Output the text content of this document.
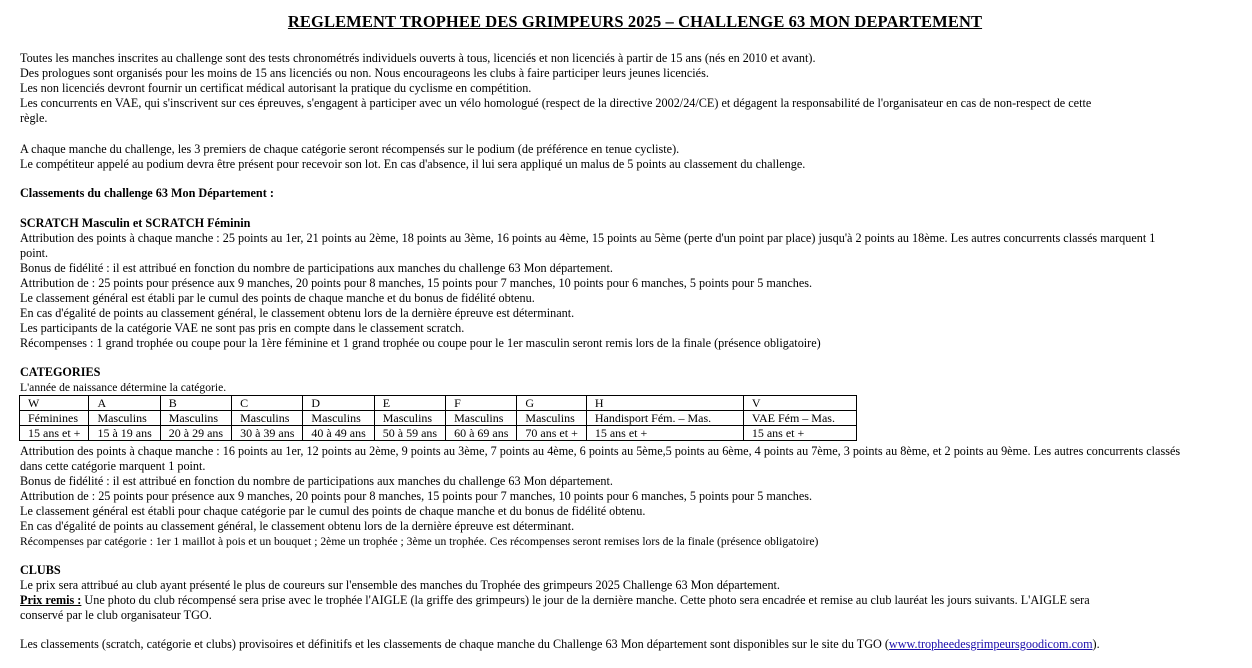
REGLEMENT TROPHEE DES GRIMPEURS 2025 – CHALLENGE 63 MON DEPARTEMENT
Toutes les manches inscrites au challenge sont des tests chronométrés individuels ouverts à tous, licenciés et non licenciés à partir de 15 ans (nés en 2010 et avant).
Des prologues sont organisés pour les moins de 15 ans licenciés ou non. Nous encourageons les clubs à faire participer leurs jeunes licenciés.
Les non licenciés devront fournir un certificat médical autorisant la pratique du cyclisme en compétition.
Les concurrents en VAE, qui s'inscrivent sur ces épreuves, s'engagent à participer avec un vélo homologué (respect de la directive 2002/24/CE) et dégagent la responsabilité de l'organisateur en cas de non-respect de cette
règle.
A chaque manche du challenge, les 3 premiers de chaque catégorie seront récompensés sur le podium (de préférence en tenue cycliste).
Le compétiteur appelé au podium devra être présent pour recevoir son lot. En cas d'absence, il lui sera appliqué un malus de 5 points au classement du challenge.
Classements du challenge 63 Mon Département :
SCRATCH Masculin et SCRATCH Féminin
Attribution des points à chaque manche : 25 points au 1er, 21 points au 2ème, 18 points au 3ème, 16 points au 4ème, 15 points au 5ème (perte d'un point par place) jusqu'à 2 points au 18ème. Les autres concurrents classés marquent 1
point.
Bonus de fidélité : il est attribué en fonction du nombre de participations aux manches du challenge 63 Mon département.
Attribution de : 25 points pour présence aux 9 manches, 20 points pour 8 manches, 15 points pour 7 manches, 10 points pour 6 manches, 5 points pour 5 manches.
Le classement général est établi par le cumul des points de chaque manche et du bonus de fidélité obtenu.
En cas d'égalité de points au classement général, le classement obtenu lors de la dernière épreuve est déterminant.
Les participants de la catégorie VAE ne sont pas pris en compte dans le classement scratch.
Récompenses : 1 grand trophée ou coupe pour la 1ère féminine et 1 grand trophée ou coupe pour le 1er masculin seront remis lors de la finale (présence obligatoire)
CATEGORIES
L'année de naissance détermine la catégorie.
W	A	B	C	D	E	F	G	H	V
Féminines	Masculins	Masculins	Masculins	Masculins	Masculins	Masculins	Masculins	Handisport Fém. – Mas.	VAE Fém – Mas.
15 ans et +	15 à 19 ans	20 à 29 ans	30 à 39 ans	40 à 49 ans	50 à 59 ans	60 à 69 ans	70 ans et +	15 ans et +	15 ans et +
Attribution des points à chaque manche : 16 points au 1er, 12 points au 2ème, 9 points au 3ème, 7 points au 4ème, 6 points au 5ème,5 points au 6ème, 4 points au 7ème, 3 points au 8ème, et 2 points au 9ème. Les autres concurrents classés
dans cette catégorie marquent 1 point.
Bonus de fidélité : il est attribué en fonction du nombre de participations aux manches du challenge 63 Mon département.
Attribution de : 25 points pour présence aux 9 manches, 20 points pour 8 manches, 15 points pour 7 manches, 10 points pour 6 manches, 5 points pour 5 manches.
Le classement général est établi pour chaque catégorie par le cumul des points de chaque manche et du bonus de fidélité obtenu.
En cas d'égalité de points au classement général, le classement obtenu lors de la dernière épreuve est déterminant.
Récompenses par catégorie : 1er 1 maillot à pois et un bouquet ; 2ème un trophée ; 3ème un trophée. Ces récompenses seront remises lors de la finale (présence obligatoire)
CLUBS
Le prix sera attribué au club ayant présenté le plus de coureurs sur l'ensemble des manches du Trophée des grimpeurs 2025 Challenge 63 Mon département.
Prix remis : Une photo du club récompensé sera prise avec le trophée l'AIGLE (la griffe des grimpeurs) le jour de la dernière manche. Cette photo sera encadrée et remise au club lauréat les jours suivants. L'AIGLE sera
conservé par le club organisateur TGO.
Les classements (scratch, catégorie et clubs) provisoires et définitifs et les classements de chaque manche du Challenge 63 Mon département sont disponibles sur le site du TGO (www.tropheedesgrimpeursgoodicom.com).
